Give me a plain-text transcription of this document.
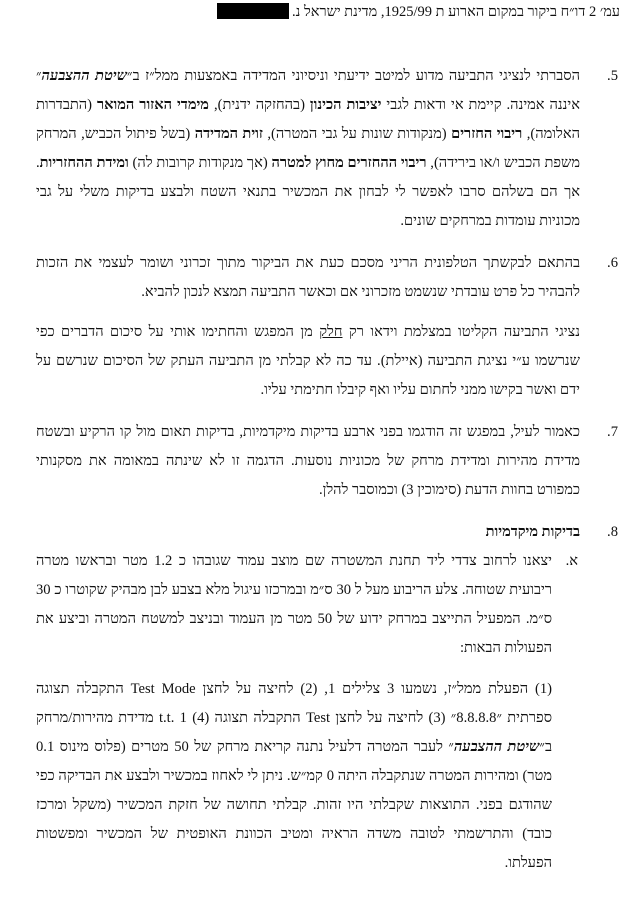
עמ׳ 2 דו״ח ביקור במקום הארוע ת 1925/99, מדינת ישראל נ.
5.
הסברתי לנציגי התביעה מדוע למיטב ידיעתי וניסיוני המדידה באמצעות ממל״ז ב״שיטת ההצבעה״ איננה אמינה. קיימת אי ודאות לגבי יציבות הכינון (בהחזקה ידנית), מימדי האזור המואר (התבדרות האלומה), ריבוי החזרים (מנקודות שונות על גבי המטרה), זוית המדידה (בשל פיתול הכביש, המרחק משפת הכביש ו/או בירידה), ריבוי ההחזרים מחוץ למטרה (אך מנקודות קרובות לה) ומידת ההחזריות. אך הם בשלהם סרבו לאפשר לי לבחון את המכשיר בתנאי השטח ולבצע בדיקות משלי על גבי מכוניות עומדות במרחקים שונים.
6.
בהתאם לבקשתך הטלפונית הריני מסכם כעת את הביקור מתוך זכרוני ושומר לעצמי את הזכות להבהיר כל פרט עובדתי שנשמט מזכרוני אם וכאשר התביעה תמצא לנכון להביא.
נציגי התביעה הקליטו במצלמת וידאו רק חלק מן המפגש והחתימו אותי על סיכום הדברים כפי שנרשמו ע״י נציגת התביעה (איילת). עד כה לא קבלתי מן התביעה העתק של הסיכום שנרשם על ידם ואשר בקישו ממני לחתום עליו ואף קיבלו חתימתי עליו.
7.
כאמור לעיל, במפגש זה הודגמו בפני ארבע בדיקות מיקדמיות, בדיקות תאום מול קו הרקיע ובשטח מדידת מהירות ומדידת מרחק של מכוניות נוסעות. הדגמה זו לא שינתה במאומה את מסקנותי כמפורט בחוות הדעת (סימוכין 3) וכמוסבר להלן.
8.
בדיקות מיקדמיות
א.
יצאנו לרחוב צדדי ליד תחנת המשטרה שם מוצב עמוד שגובהו כ 1.2 מטר ובראשו מטרה ריבועית שטוחה. צלע הריבוע מעל ל 30 ס״מ ובמרכזו עיגול מלא בצבע לבן מבהיק שקוטרו כ 30 ס״מ. המפעיל התייצב במרחק ידוע של 50 מטר מן העמוד ובניצב למשטח המטרה וביצע את הפעולות הבאות:
(1) הפעלת ממל״ז, נשמעו 3 צלילים 1, (2) לחיצה על לחצן Test Mode התקבלה תצוגה ספרתית ״8.8.8.8״ (3) לחיצה על לחצן Test התקבלה תצוגה t.t. 1 (4) מדידת מהירות/מרחק ב״שיטת ההצבעה״ לעבר המטרה דלעיל נתנה קריאת מרחק של 50 מטרים (פלוס מינוס 0.1 מטר) ומהירות המטרה שנתקבלה היתה 0 קמ״ש. ניתן לי לאחוז במכשיר ולבצע את הבדיקה כפי שהודגם בפני. התוצאות שקבלתי היו זהות. קבלתי תחושה של חזקת המכשיר (משקל ומרכז כובד) והתרשמתי לטובה משדה הראיה ומטיב הכוונת האופטית של המכשיר ומפשטות הפעלתו.
